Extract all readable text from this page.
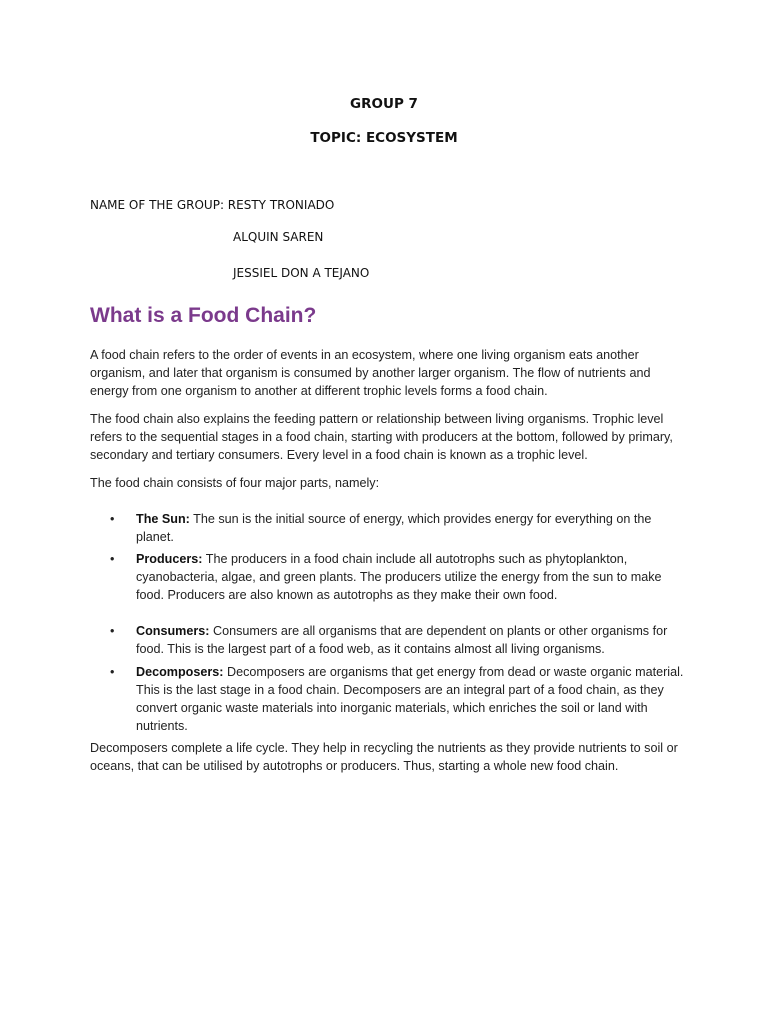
GROUP 7
TOPIC: ECOSYSTEM
NAME OF THE GROUP: RESTY TRONIADO
ALQUIN SAREN
JESSIEL DON A TEJANO
What is a Food Chain?

A food chain refers to the order of events in an ecosystem, where one living organism eats another organism, and later that organism is consumed by another larger organism. The flow of nutrients and energy from one organism to another at different trophic levels forms a food chain.

The food chain also explains the feeding pattern or relationship between living organisms. Trophic level refers to the sequential stages in a food chain, starting with producers at the bottom, followed by primary, secondary and tertiary consumers. Every level in a food chain is known as a trophic level.

The food chain consists of four major parts, namely:

•	The Sun: The sun is the initial source of energy, which provides energy for everything on the planet.
•	Producers: The producers in a food chain include all autotrophs such as phytoplankton, cyanobacteria, algae, and green plants. The producers utilize the energy from the sun to make food. Producers are also known as autotrophs as they make their own food.
•	Consumers: Consumers are all organisms that are dependent on plants or other organisms for food. This is the largest part of a food web, as it contains almost all living organisms.
•	Decomposers: Decomposers are organisms that get energy from dead or waste organic material. This is the last stage in a food chain. Decomposers are an integral part of a food chain, as they convert organic waste materials into inorganic materials, which enriches the soil or land with nutrients.

Decomposers complete a life cycle. They help in recycling the nutrients as they provide nutrients to soil or oceans, that can be utilised by autotrophs or producers. Thus, starting a whole new food chain.
